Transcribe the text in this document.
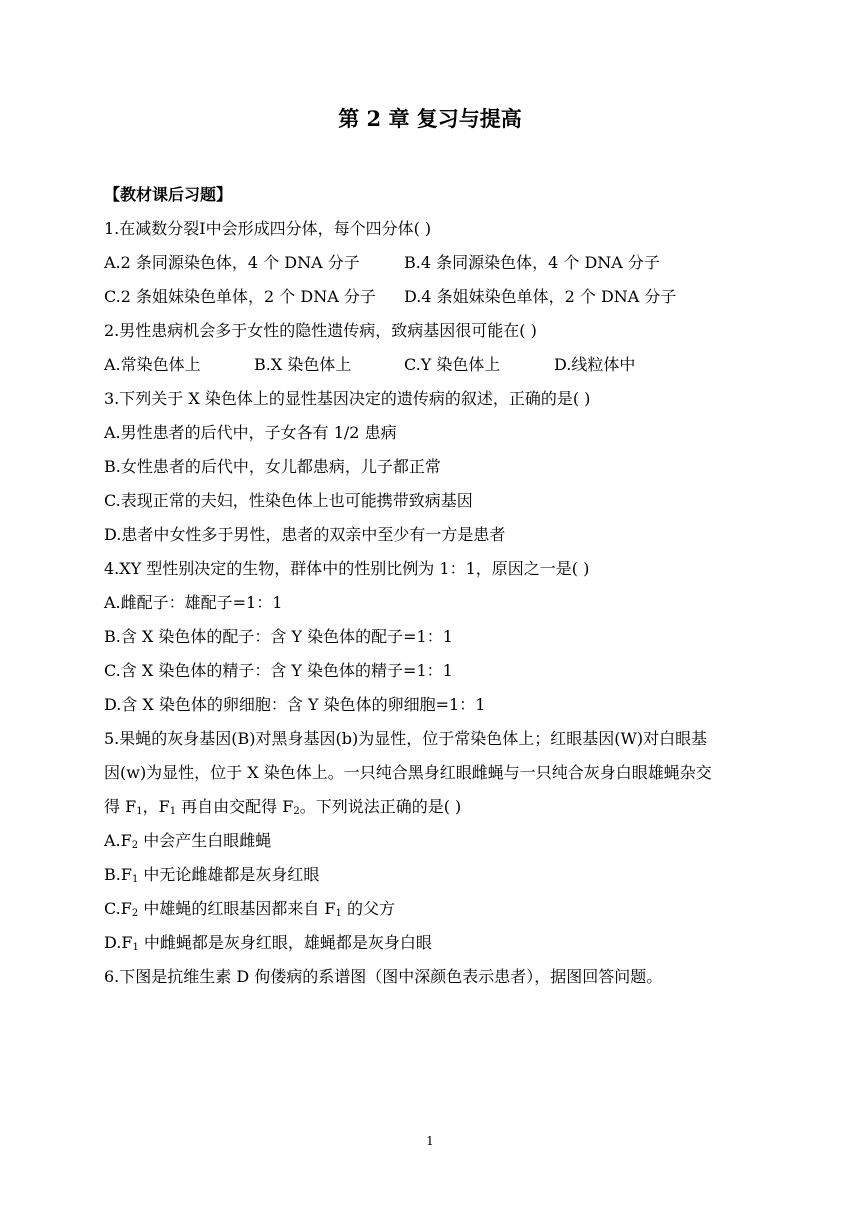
第 2 章 复习与提高
【教材课后习题】
1.在减数分裂Ⅰ中会形成四分体，每个四分体( )
A.2 条同源染色体，4 个 DNA 分子	B.4 条同源染色体，4 个 DNA 分子
C.2 条姐妹染色单体，2 个 DNA 分子	D.4 条姐妹染色单体，2 个 DNA 分子
2.男性患病机会多于女性的隐性遗传病，致病基因很可能在( )
A.常染色体上	B.X 染色体上	C.Y 染色体上	D.线粒体中
3.下列关于 X 染色体上的显性基因决定的遗传病的叙述，正确的是( )
A.男性患者的后代中，子女各有 1/2 患病
B.女性患者的后代中，女儿都患病，儿子都正常
C.表现正常的夫妇，性染色体上也可能携带致病基因
D.患者中女性多于男性，患者的双亲中至少有一方是患者
4.XY 型性别决定的生物，群体中的性别比例为 1：1，原因之一是( )
A.雌配子：雄配子=1：1
B.含 X 染色体的配子：含 Y 染色体的配子=1：1
C.含 X 染色体的精子：含 Y 染色体的精子=1：1
D.含 X 染色体的卵细胞：含 Y 染色体的卵细胞=1：1
5.果蝇的灰身基因(B)对黑身基因(b)为显性，位于常染色体上；红眼基因(W)对白眼基
因(w)为显性，位于 X 染色体上。一只纯合黑身红眼雌蝇与一只纯合灰身白眼雄蝇杂交
得 $F_1$，$F_1$ 再自由交配得 $F_2$。下列说法正确的是( )
$A.F_2$ 中会产生白眼雌蝇
$B.F_1$ 中无论雌雄都是灰身红眼
$C.F_2$ 中雄蝇的红眼基因都来自 $F_1$ 的父方
$D.F_1$ 中雌蝇都是灰身红眼，雄蝇都是灰身白眼
6.下图是抗维生素 D 佝偻病的系谱图（图中深颜色表示患者），据图回答问题。
1
